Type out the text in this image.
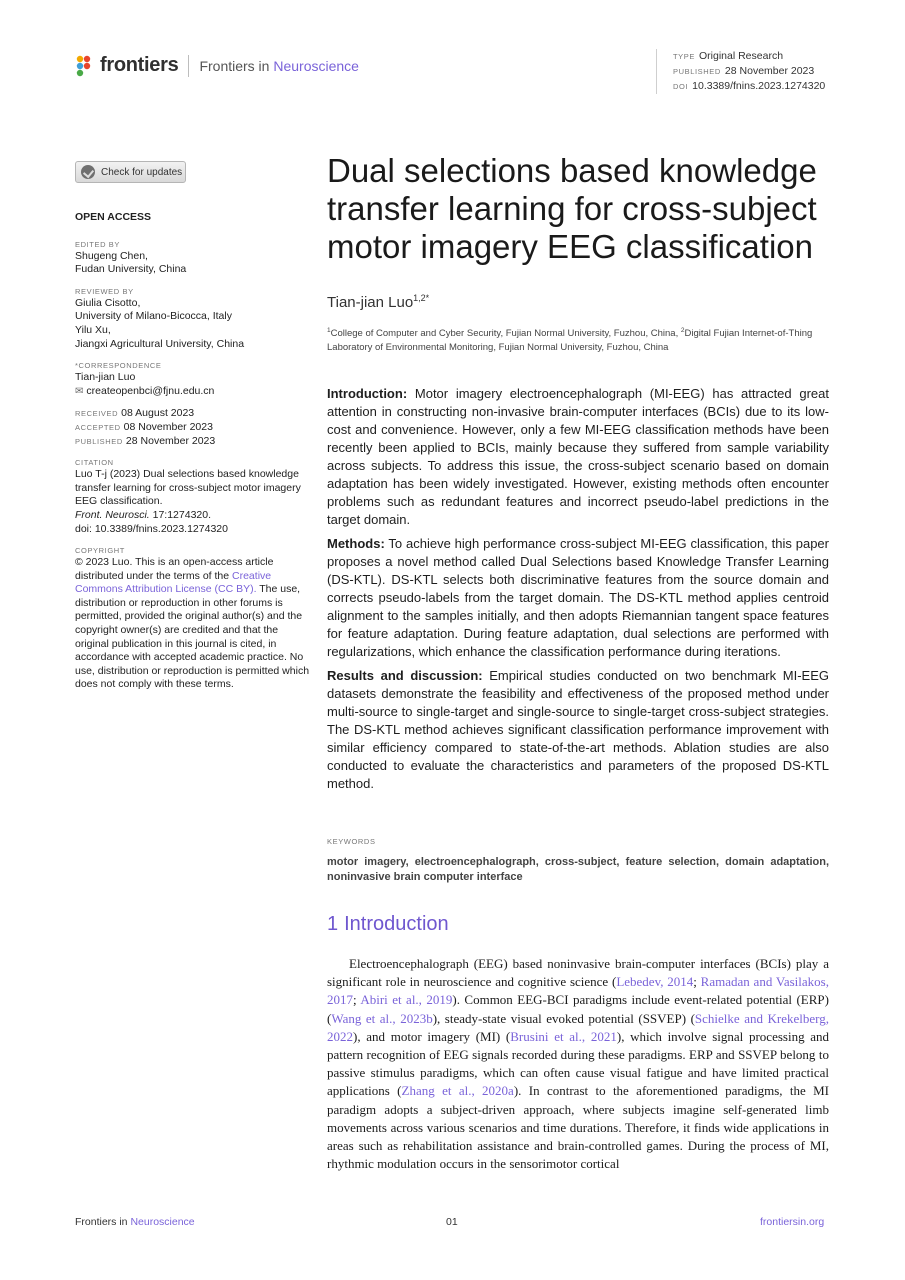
frontiers Frontiers in Neuroscience
TYPE Original Research
PUBLISHED 28 November 2023
DOI 10.3389/fnins.2023.1274320
Check for updates
OPEN ACCESS
EDITED BY
Shugeng Chen,
Fudan University, China
REVIEWED BY
Giulia Cisotto,
University of Milano-Bicocca, Italy
Yilu Xu,
Jiangxi Agricultural University, China
*CORRESPONDENCE
Tian-jian Luo
✉ createopenbci@fjnu.edu.cn
RECEIVED 08 August 2023
ACCEPTED 08 November 2023
PUBLISHED 28 November 2023
CITATION
Luo T-j (2023) Dual selections based knowledge transfer learning for cross-subject motor imagery EEG classification.
Front. Neurosci. 17:1274320.
doi: 10.3389/fnins.2023.1274320
COPYRIGHT
© 2023 Luo. This is an open-access article distributed under the terms of the Creative Commons Attribution License (CC BY). The use, distribution or reproduction in other forums is permitted, provided the original author(s) and the copyright owner(s) are credited and that the original publication in this journal is cited, in accordance with accepted academic practice. No use, distribution or reproduction is permitted which does not comply with these terms.
Dual selections based knowledge transfer learning for cross-subject motor imagery EEG classification
Tian-jian Luo$^{1,2*}$
$^1$College of Computer and Cyber Security, Fujian Normal University, Fuzhou, China, $^2$Digital Fujian Internet-of-Thing Laboratory of Environmental Monitoring, Fujian Normal University, Fuzhou, China

Introduction: Motor imagery electroencephalograph (MI-EEG) has attracted great attention in constructing non-invasive brain-computer interfaces (BCIs) due to its low-cost and convenience. However, only a few MI-EEG classification methods have been recently been applied to BCIs, mainly because they suffered from sample variability across subjects. To address this issue, the cross-subject scenario based on domain adaptation has been widely investigated. However, existing methods often encounter problems such as redundant features and incorrect pseudo-label predictions in the target domain.

Methods: To achieve high performance cross-subject MI-EEG classification, this paper proposes a novel method called Dual Selections based Knowledge Transfer Learning (DS-KTL). DS-KTL selects both discriminative features from the source domain and corrects pseudo-labels from the target domain. The DS-KTL method applies centroid alignment to the samples initially, and then adopts Riemannian tangent space features for feature adaptation. During feature adaptation, dual selections are performed with regularizations, which enhance the classification performance during iterations.

Results and discussion: Empirical studies conducted on two benchmark MI-EEG datasets demonstrate the feasibility and effectiveness of the proposed method under multi-source to single-target and single-source to single-target cross-subject strategies. The DS-KTL method achieves significant classification performance improvement with similar efficiency compared to state-of-the-art methods. Ablation studies are also conducted to evaluate the characteristics and parameters of the proposed DS-KTL method.

KEYWORDS
motor imagery, electroencephalograph, cross-subject, feature selection, domain adaptation, noninvasive brain computer interface
1 Introduction

Electroencephalograph (EEG) based noninvasive brain-computer interfaces (BCIs) play a significant role in neuroscience and cognitive science (Lebedev, 2014; Ramadan and Vasilakos, 2017; Abiri et al., 2019). Common EEG-BCI paradigms include event-related potential (ERP) (Wang et al., 2023b), steady-state visual evoked potential (SSVEP) (Schielke and Krekelberg, 2022), and motor imagery (MI) (Brusini et al., 2021), which involve signal processing and pattern recognition of EEG signals recorded during these paradigms. ERP and SSVEP belong to passive stimulus paradigms, which can often cause visual fatigue and have limited practical applications (Zhang et al., 2020a). In contrast to the aforementioned paradigms, the MI paradigm adopts a subject-driven approach, where subjects imagine self-generated limb movements across various scenarios and time durations. Therefore, it finds wide applications in areas such as rehabilitation assistance and brain-controlled games. During the process of MI, rhythmic modulation occurs in the sensorimotor cortical

Frontiers in Neuroscience	01	frontiersin.org
